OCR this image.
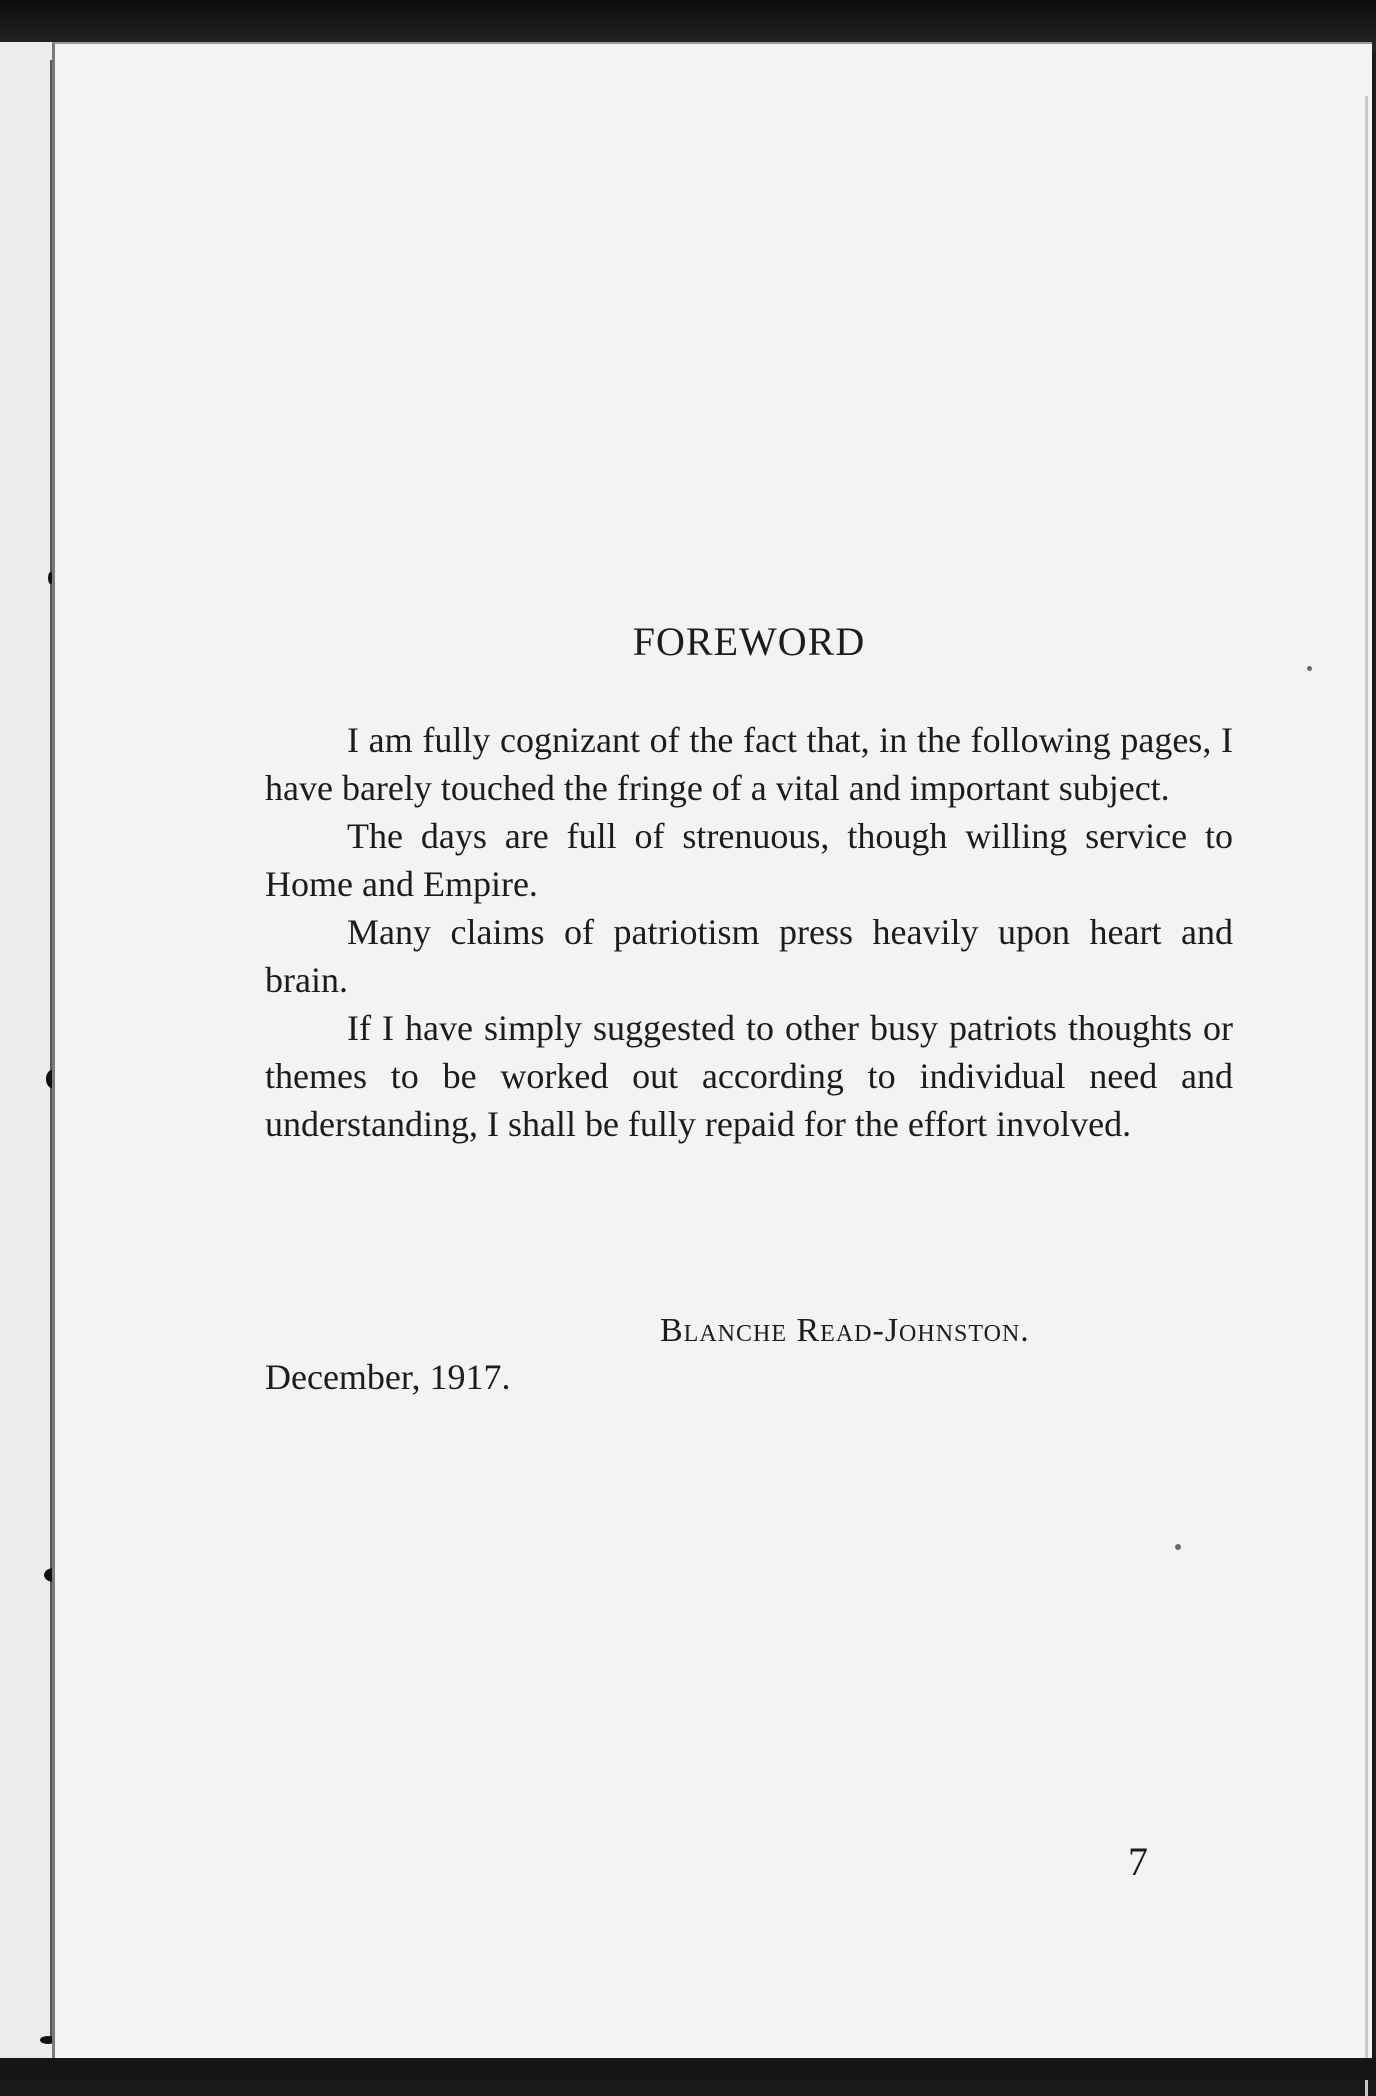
FOREWORD

I am fully cognizant of the fact that, in the following pages, I have barely touched the fringe of a vital and important subject.

The days are full of strenuous, though willing service to Home and Empire.

Many claims of patriotism press heavily upon heart and brain.

If I have simply suggested to other busy patriots thoughts or themes to be worked out according to individual need and understanding, I shall be fully repaid for the effort involved.

Blanche Read-Johnston.
December, 1917.
7
